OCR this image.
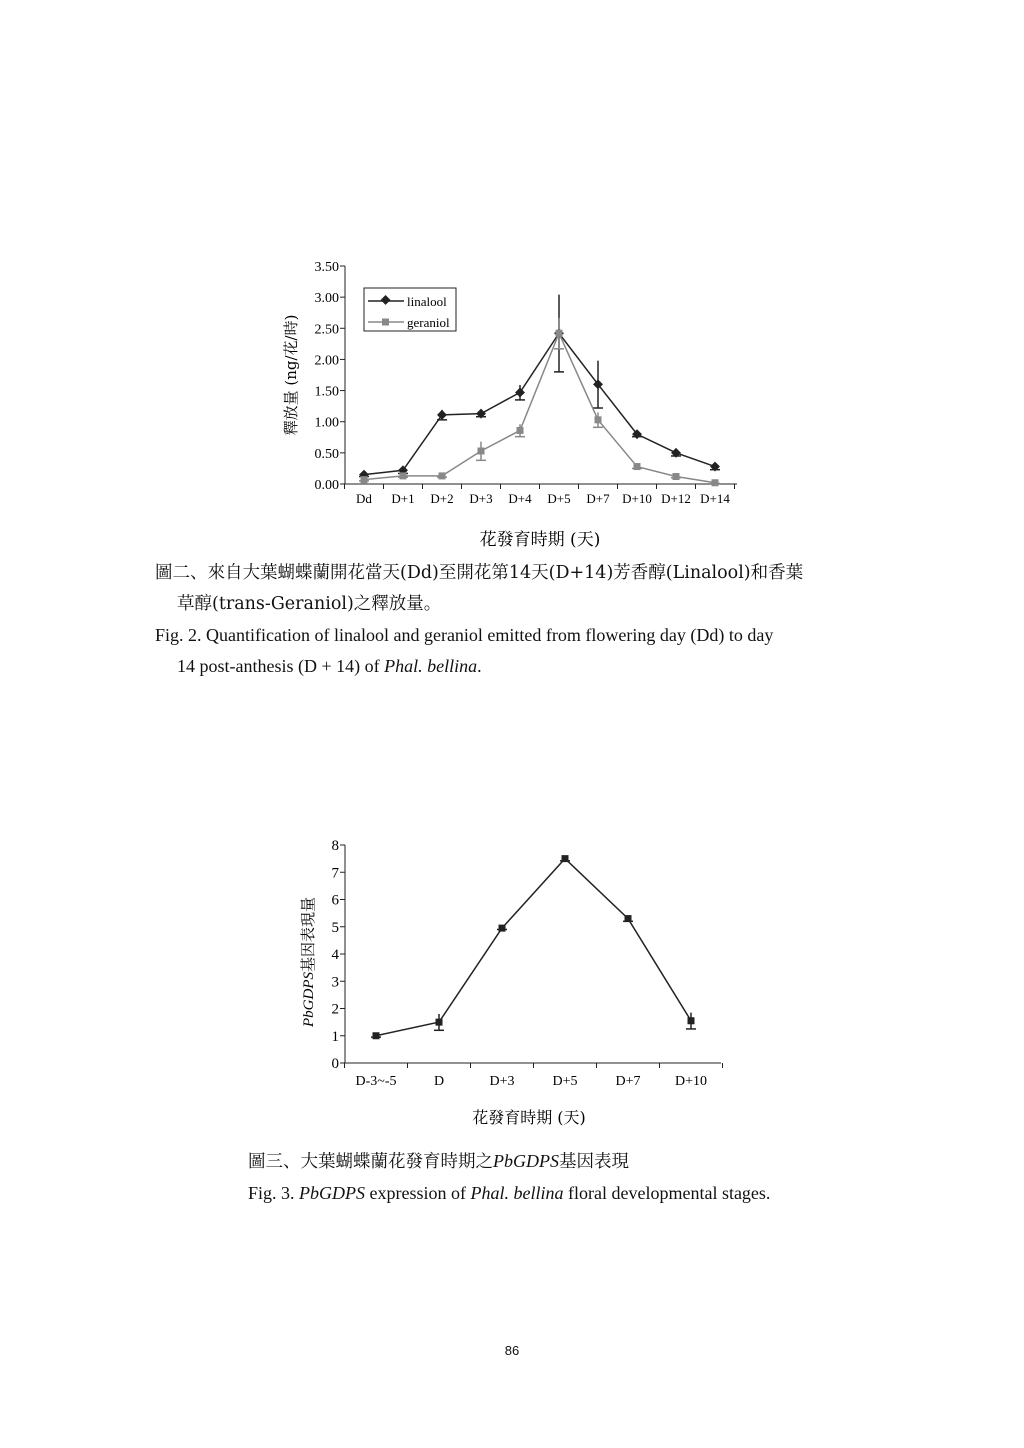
0.00
0.50
1.00
1.50
2.00
2.50
3.00
3.50
Dd D+1 D+2 D+3 D+4 D+5 D+7 D+10 D+12 D+14
linalool
geraniol
釋放量 (ng/花/時)
花發育時期 (天)
0
1
2
3
4
5
6
7
8
D-3~-5	D	D+3	D+5	D+7 D+10
PbGDPS基因表現量
花發育時期 (天)
圖二、來自大葉蝴蝶蘭開花當天(Dd)至開花第14天(D+14)芳香醇(Linalool)和香葉
草醇(trans-Geraniol)之釋放量。
Fig. 2. Quantification of linalool and geraniol emitted from flowering day (Dd) to day
14 post-anthesis (D + 14) of Phal. bellina.
圖三、大葉蝴蝶蘭花發育時期之PbGDPS基因表現
Fig. 3. PbGDPS expression of Phal. bellina floral developmental stages.
86
